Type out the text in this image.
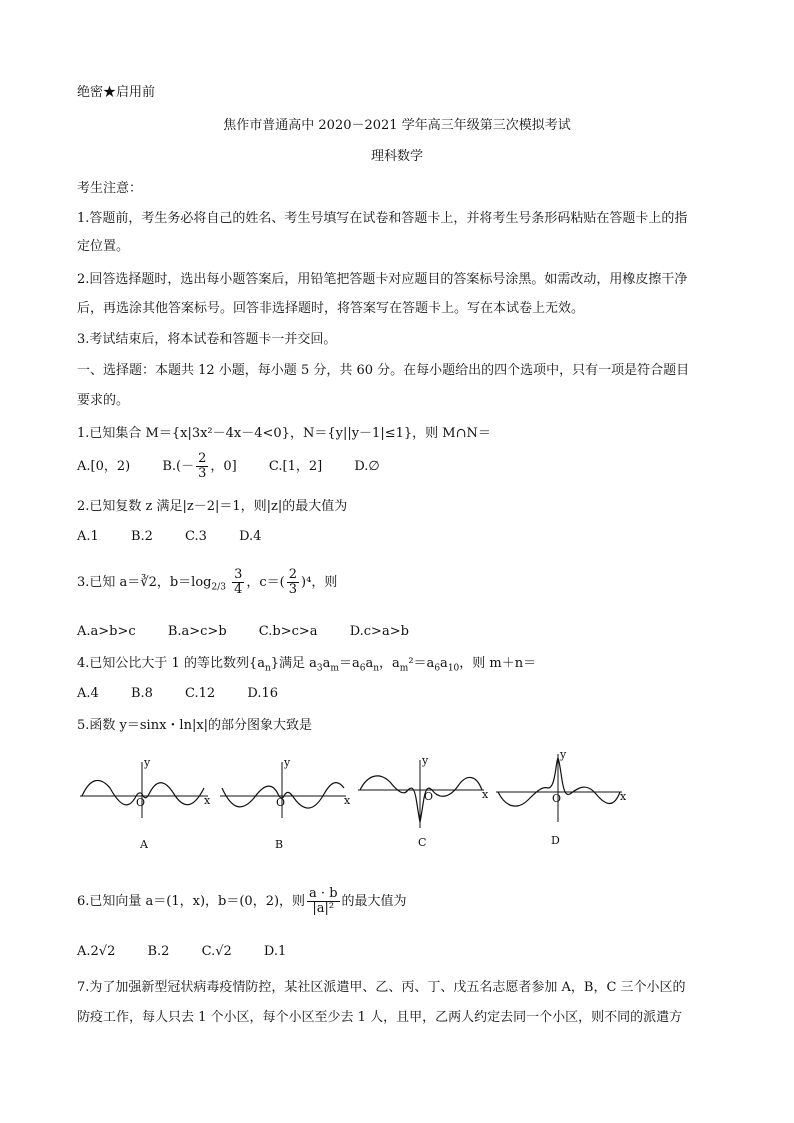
绝密★启用前
焦作市普通高中 2020－2021 学年高三年级第三次模拟考试
理科数学
考生注意：
1.答题前，考生务必将自己的姓名、考生号填写在试卷和答题卡上，并将考生号条形码粘贴在答题卡上的指
定位置。
2.回答选择题时，选出每小题答案后，用铅笔把答题卡对应题目的答案标号涂黑。如需改动，用橡皮擦干净
后，再选涂其他答案标号。回答非选择题时，将答案写在答题卡上。写在本试卷上无效。
3.考试结束后，将本试卷和答题卡一并交回。
一、选择题：本题共 12 小题，每小题 5 分，共 60 分。在每小题给出的四个选项中，只有一项是符合题目
要求的。
1.已知集合 M＝{x|3x²－4x－4<0}，N＝{y||y－1|≤1}，则 M∩N＝
A.[0，2) $B.(- \frac{2}{3}$ ，0] C.[1，2] D.∅
2.已知复数 z 满足|z－2|＝1，则|z|的最大值为
A.1 B.2 C.3 D.4
3.已知 a＝∛2，$b=\log_{2/3} \frac{3}{4}$ ，$c=( \frac{2}{3} )^4$，则
A.a>b>c B.a>c>b C.b>c>a D.c>a>b
4.已知公比大于 1 的等比数列$\{a_n\}$满足 $a_3a_m=a_6a_n$，$a_m^2=a_6a_{10}$，则 m＋n＝
A.4 B.8 C.12 D.16
5.函数 y＝sinx・ln|x|的部分图象大致是
y
x
O
A
y
x
O
B
y
x
O
C
y
x
O
D
6.已知向量 a＝(1，x)，b＝(0，2)，则 $\frac{a \cdot b}{\text{|a|²}}$ 的最大值为
A.2√2 B.2 C.√2 D.1
7.为了加强新型冠状病毒疫情防控，某社区派遣甲、乙、丙、丁、戊五名志愿者参加 A，B，C 三个小区的
防疫工作，每人只去 1 个小区，每个小区至少去 1 人，且甲，乙两人约定去同一个小区，则不同的派遣方
